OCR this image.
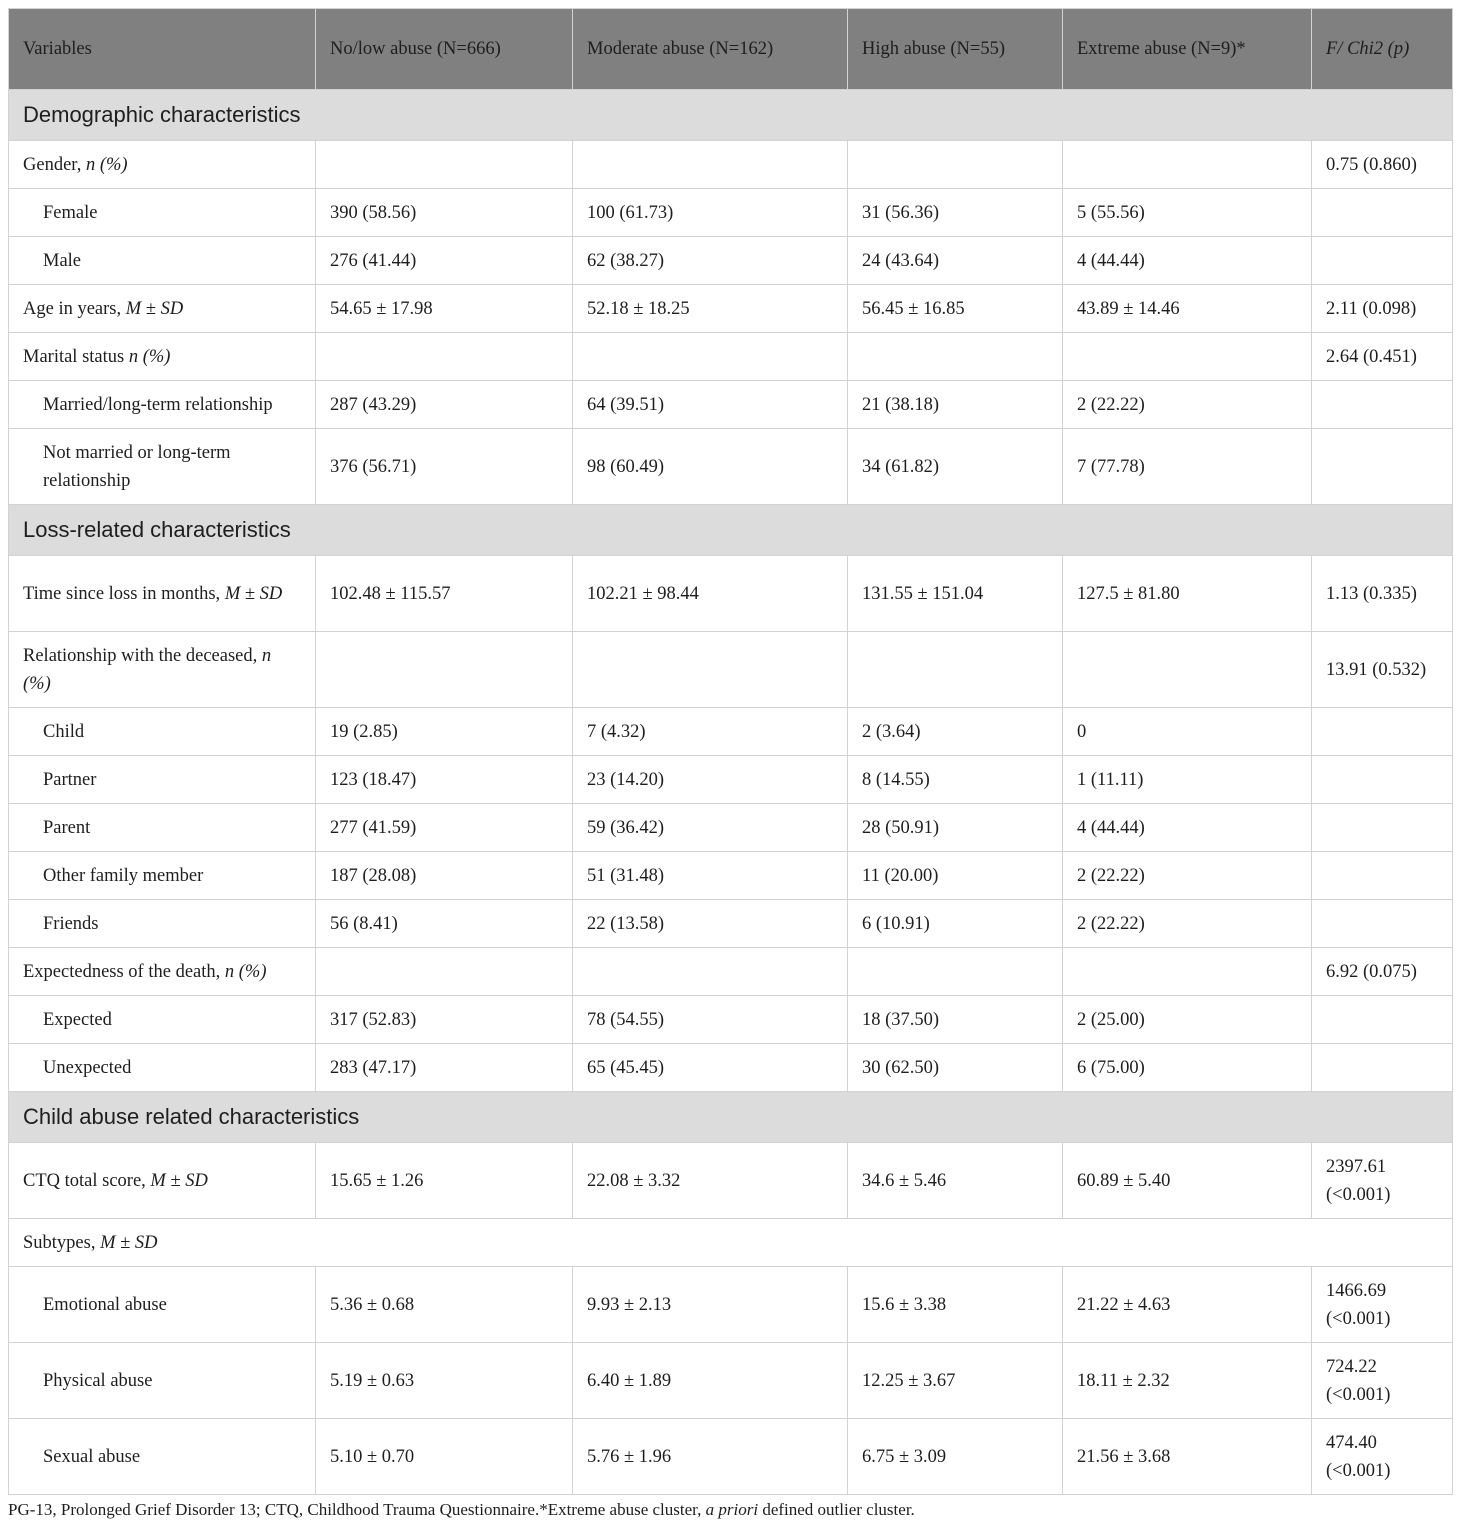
Variables	No/low abuse (N=666)	Moderate abuse (N=162)	High abuse (N=55)	Extreme abuse (N=9)*	F/ Chi2 (p)
Demographic characteristics					
Gender, n (%)					0.75 (0.860)
Female	390 (58.56)	100 (61.73)	31 (56.36)	5 (55.56)	
Male	276 (41.44)	62 (38.27)	24 (43.64)	4 (44.44)	
Age in years, M ± SD	54.65 ± 17.98	52.18 ± 18.25	56.45 ± 16.85	43.89 ± 14.46	2.11 (0.098)
Marital status n (%)					2.64 (0.451)
Married/long-term relationship	287 (43.29)	64 (39.51)	21 (38.18)	2 (22.22)	
Not married or long-term relationship	376 (56.71)	98 (60.49)	34 (61.82)	7 (77.78)	
Loss-related characteristics					
Time since loss in months, M ± SD	102.48 ± 115.57	102.21 ± 98.44	131.55 ± 151.04	127.5 ± 81.80	1.13 (0.335)
Relationship with the deceased, n (%)					13.91 (0.532)
Child	19 (2.85)	7 (4.32)	2 (3.64)	0	
Partner	123 (18.47)	23 (14.20)	8 (14.55)	1 (11.11)	
Parent	277 (41.59)	59 (36.42)	28 (50.91)	4 (44.44)	
Other family member	187 (28.08)	51 (31.48)	11 (20.00)	2 (22.22)	
Friends	56 (8.41)	22 (13.58)	6 (10.91)	2 (22.22)	
Expectedness of the death, n (%)					6.92 (0.075)
Expected	317 (52.83)	78 (54.55)	18 (37.50)	2 (25.00)	
Unexpected	283 (47.17)	65 (45.45)	30 (62.50)	6 (75.00)	
Child abuse related characteristics					
CTQ total score, M ± SD	15.65 ± 1.26	22.08 ± 3.32	34.6 ± 5.46	60.89 ± 5.40	2397.61 (<0.001)
Subtypes, M ± SD					
Emotional abuse	5.36 ± 0.68	9.93 ± 2.13	15.6 ± 3.38	21.22 ± 4.63	1466.69 (<0.001)
Physical abuse	5.19 ± 0.63	6.40 ± 1.89	12.25 ± 3.67	18.11 ± 2.32	724.22 (<0.001)
Sexual abuse	5.10 ± 0.70	5.76 ± 1.96	6.75 ± 3.09	21.56 ± 3.68	474.40 (<0.001)
PG-13, Prolonged Grief Disorder 13; CTQ, Childhood Trauma Questionnaire.*Extreme abuse cluster, a priori defined outlier cluster.
